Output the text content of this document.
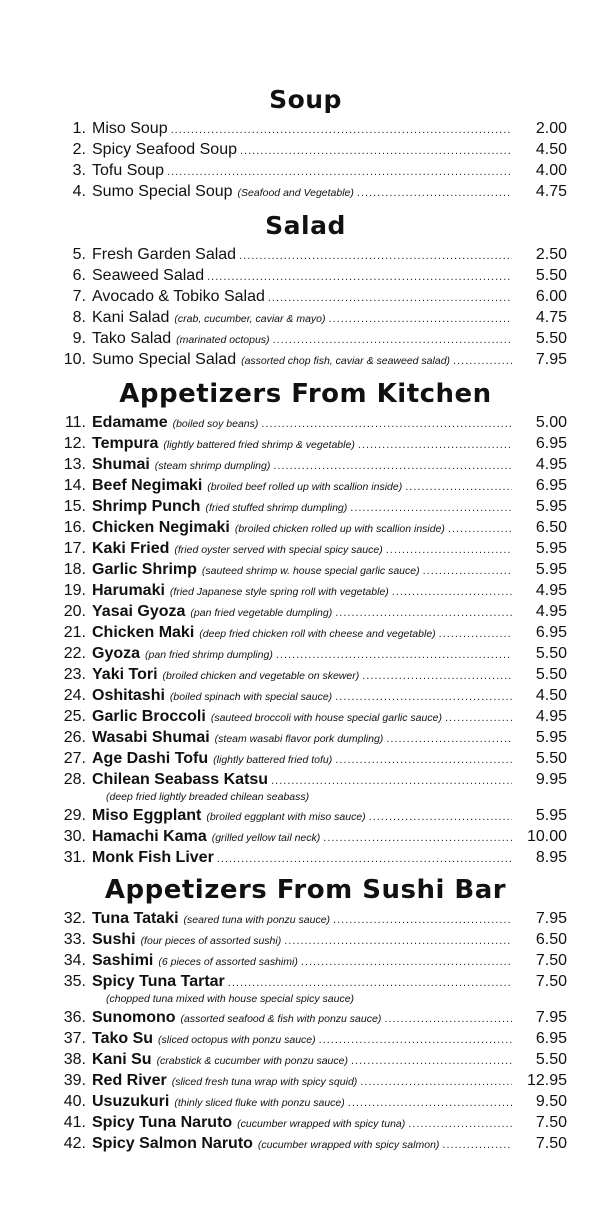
Soup
1. Miso Soup .....	2.00
2. Spicy Seafood Soup .....	4.50
3. Tofu Soup .....	4.00
4. Sumo Special Soup (Seafood and Vegetable) .....	4.75
Salad
5. Fresh Garden Salad .....	2.50
6. Seaweed Salad .....	5.50
7. Avocado & Tobiko Salad .....	6.00
8. Kani Salad (crab, cucumber, caviar & mayo) .....	4.75
9. Tako Salad (marinated octopus) .....	5.50
10. Sumo Special Salad (assorted chop fish, caviar & seaweed salad) .....	7.95
Appetizers From Kitchen
11. Edamame (boiled soy beans) .....	5.00
12. Tempura (lightly battered fried shrimp & vegetable) .....	6.95
13. Shumai (steam shrimp dumpling) .....	4.95
14. Beef Negimaki (broiled beef rolled up with scallion inside) .....	6.95
15. Shrimp Punch (fried stuffed shrimp dumpling) .....	5.95
16. Chicken Negimaki (broiled chicken rolled up with scallion inside) .....	6.50
17. Kaki Fried (fried oyster served with special spicy sauce) .....	5.95
18. Garlic Shrimp (sauteed shrimp w. house special garlic sauce) .....	5.95
19. Harumaki (fried Japanese style spring roll with vegetable) .....	4.95
20. Yasai Gyoza (pan fried vegetable dumpling) .....	4.95
21. Chicken Maki (deep fried chicken roll with cheese and vegetable) .....	6.95
22. Gyoza (pan fried shrimp dumpling) .....	5.50
23. Yaki Tori (broiled chicken and vegetable on skewer) .....	5.50
24. Oshitashi (boiled spinach with special sauce) .....	4.50
25. Garlic Broccoli (sauteed broccoli with house special garlic sauce) .....	4.95
26. Wasabi Shumai (steam wasabi flavor pork dumpling) .....	5.95
27. Age Dashi Tofu (lightly battered fried tofu) .....	5.50
28. Chilean Seabass Katsu .....	9.95
(deep fried lightly breaded chilean seabass)
29. Miso Eggplant (broiled eggplant with miso sauce) .....	5.95
30. Hamachi Kama (grilled yellow tail neck) .....	10.00
31. Monk Fish Liver .....	8.95
Appetizers From Sushi Bar
32. Tuna Tataki (seared tuna with ponzu sauce) .....	7.95
33. Sushi (four pieces of assorted sushi) .....	6.50
34. Sashimi (6 pieces of assorted sashimi) .....	7.50
35. Spicy Tuna Tartar .....	7.50
(chopped tuna mixed with house special spicy sauce)
36. Sunomono (assorted seafood & fish with ponzu sauce) .....	7.95
37. Tako Su (sliced octopus with ponzu sauce) .....	6.95
38. Kani Su (crabstick & cucumber with ponzu sauce) .....	5.50
39. Red River (sliced fresh tuna wrap with spicy squid) .....	12.95
40. Usuzukuri (thinly sliced fluke with ponzu sauce) .....	9.50
41. Spicy Tuna Naruto (cucumber wrapped with spicy tuna) .....	7.50
42. Spicy Salmon Naruto (cucumber wrapped with spicy salmon) .....	7.50
